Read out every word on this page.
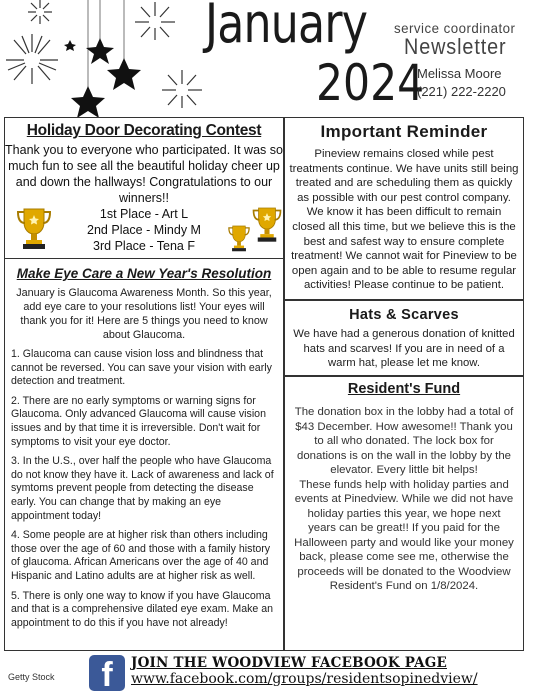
January service coordinator
Newsletter
2024
Melissa Moore
(221) 222-2220
Holiday Door Decorating Contest
Thank you to everyone who participated. It was so much fun to see all the beautiful holiday cheer up and down the hallways! Congratulations to our winners!!
1st Place - Art L
2nd Place - Mindy M
3rd Place - Tena F
Important Reminder
Pineview remains closed while pest treatments continue. We have units still being treated and are scheduling them as quickly as possible with our pest control company. We know it has been difficult to remain closed all this time, but we believe this is the best and safest way to ensure complete treatment! We cannot wait for Pineview to be open again and to be able to resume regular activities! Please continue to be patient.
Make Eye Care a New Year's Resolution
January is Glaucoma Awareness Month. So this year, add eye care to your resolutions list! Your eyes will thank you for it! Here are 5 things you need to know about Glaucoma.
1. Glaucoma can cause vision loss and blindness that cannot be reversed. You can save your vision with early detection and treatment.
2. There are no early symptoms or warning signs for Glaucoma. Only advanced Glaucoma will cause vision issues and by that time it is irreversible. Don't wait for symptoms to visit your eye doctor.
3. In the U.S., over half the people who have Glaucoma do not know they have it. Lack of awareness and lack of symtoms prevent people from detecting the disease early. You can change that by making an eye appointment today!
4. Some people are at higher risk than others including those over the age of 60 and those with a family history of glaucoma. African Americans over the age of 40 and Hispanic and Latino adults are at higher risk as well.
5. There is only one way to know if you have Glaucoma and that is a comprehensive dilated eye exam. Make an appointment to do this if you have not already!
Hats & Scarves
We have had a generous donation of knitted hats and scarves! If you are in need of a warm hat, please let me know.
Resident's Fund
The donation box in the lobby had a total of $43 December. How awesome!! Thank you to all who donated. The lock box for donations is on the wall in the lobby by the elevator. Every little bit helps!
These funds help with holiday parties and events at Pinedview. While we did not have holiday parties this year, we hope next years can be great!! If you paid for the Halloween party and would like your money back, please come see me, otherwise the proceeds will be donated to the Woodview Resident's Fund on 1/8/2024.
Getty Stock	f	JOIN THE WOODVIEW FACEBOOK PAGE
www.facebook.com/groups/residentsopinedview/
